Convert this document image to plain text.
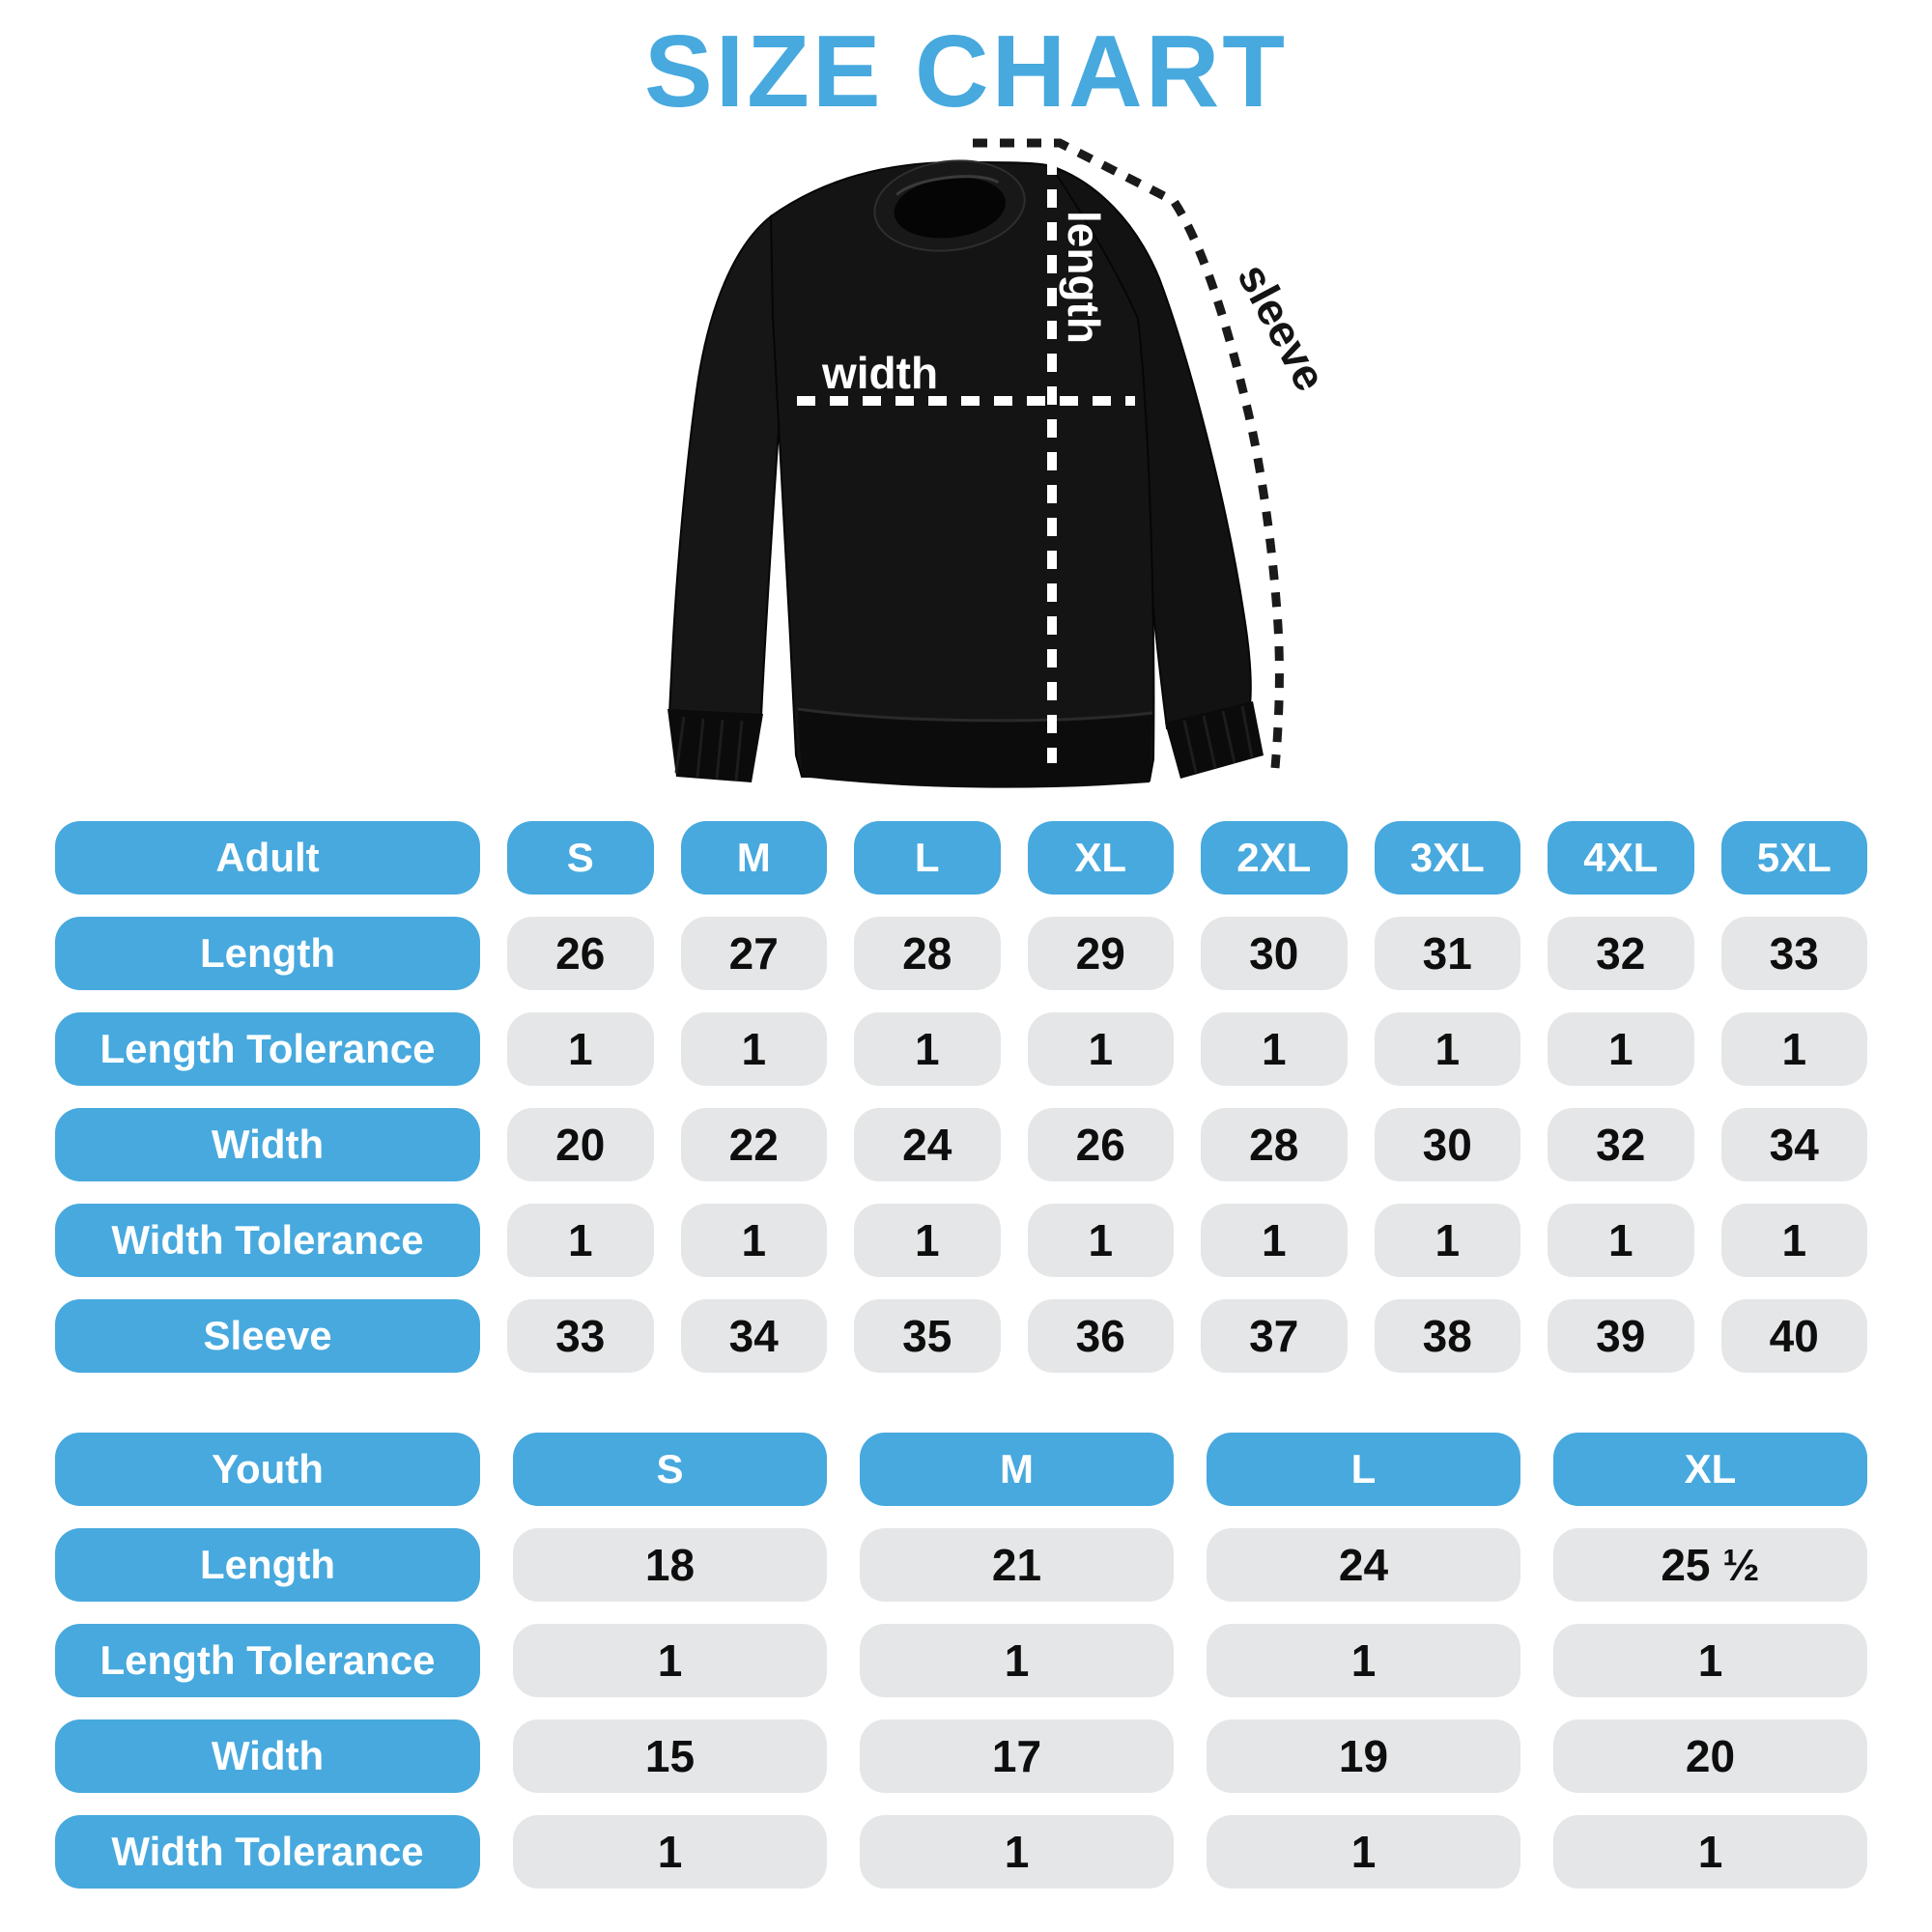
SIZE CHART
width
length	sleeve
Adult	S	M	L	XL	2XL	3XL	4XL	5XL
Length	26	27	28	29	30	31	32	33
Length Tolerance	1	1	1	1	1	1	1	1
Width	20	22	24	26	28	30	32	34
Width Tolerance	1	1	1	1	1	1	1	1
Sleeve	33	34	35	36	37	38	39	40
Youth	S	M	L	XL
Length	18	21	24	25 ½
Length Tolerance	1	1	1	1
Width	15	17	19	20
Width Tolerance	1	1	1	1
